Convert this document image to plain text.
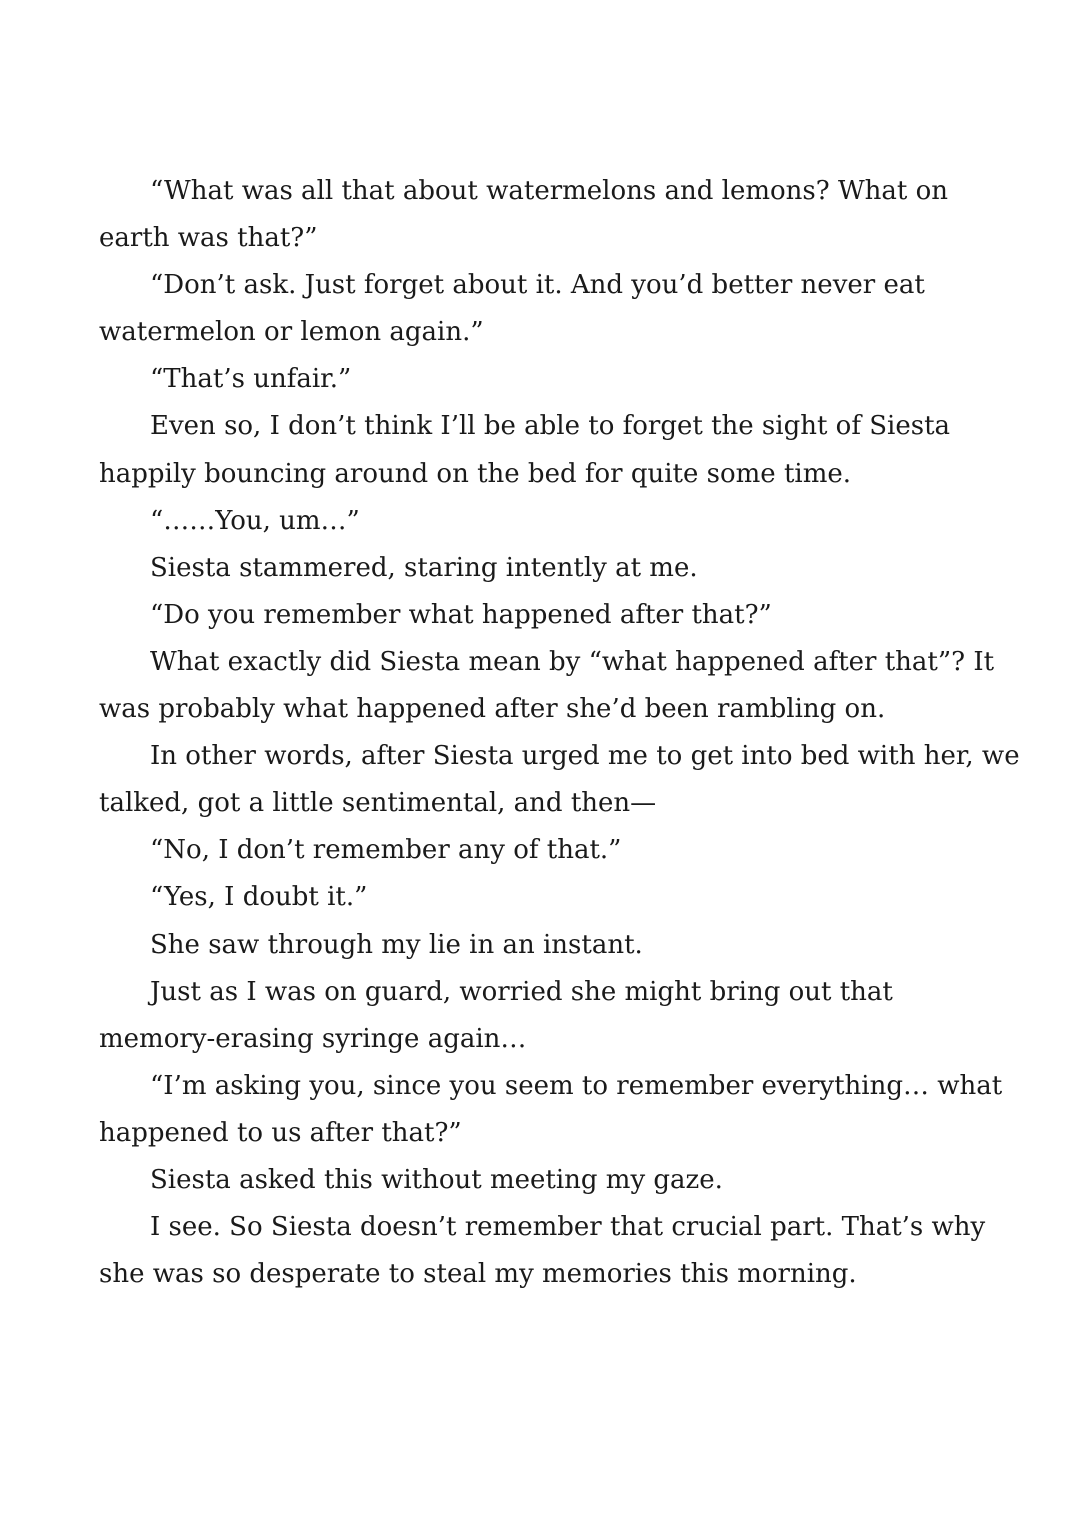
“What was all that about watermelons and lemons? What on
earth was that?”
“Don’t ask. Just forget about it. And you’d better never eat
watermelon or lemon again.”
“That’s unfair.”
Even so, I don’t think I’ll be able to forget the sight of Siesta
happily bouncing around on the bed for quite some time.
“……You, um…”
Siesta stammered, staring intently at me.
“Do you remember what happened after that?”
What exactly did Siesta mean by “what happened after that”? It
was probably what happened after she’d been rambling on.
In other words, after Siesta urged me to get into bed with her, we
talked, got a little sentimental, and then—
“No, I don’t remember any of that.”
“Yes, I doubt it.”
She saw through my lie in an instant.
Just as I was on guard, worried she might bring out that
memory-erasing syringe again…
“I’m asking you, since you seem to remember everything… what
happened to us after that?”
Siesta asked this without meeting my gaze.
I see. So Siesta doesn’t remember that crucial part. That’s why
she was so desperate to steal my memories this morning.
